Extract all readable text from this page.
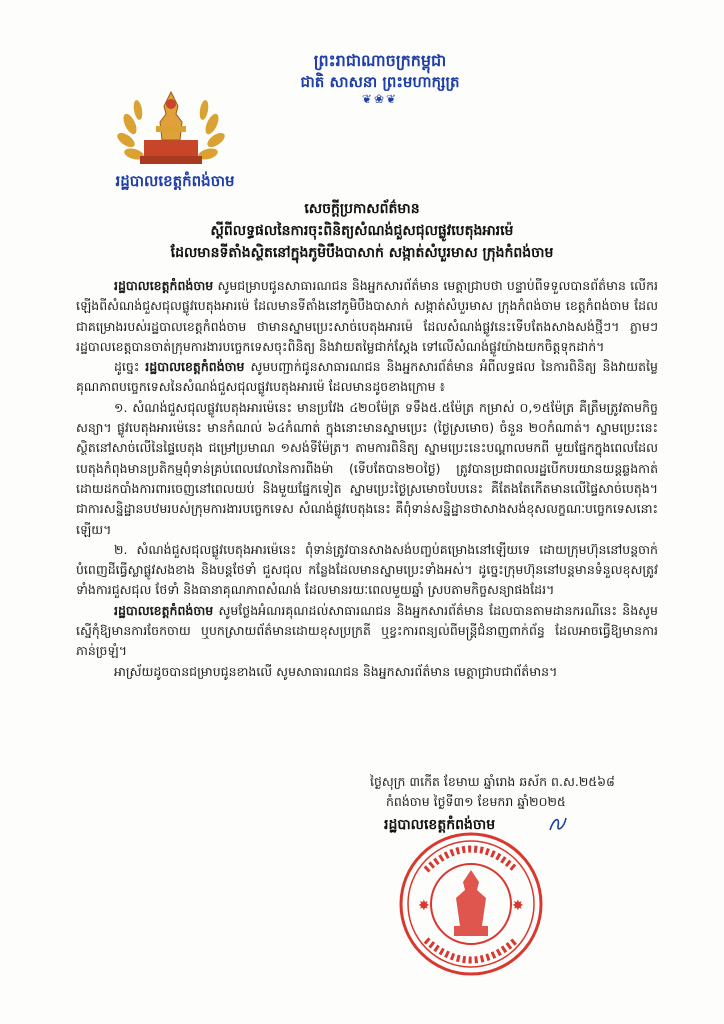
ព្រះរាជាណាចក្រកម្ពុជា
ជាតិ សាសនា ព្រះមហាក្សត្រ
❦❀❦
រដ្ឋបាលខេត្តកំពង់ចាម
សេចក្តីប្រកាសព័ត៌មាន
ស្តីពីលទ្ធផលនៃការចុះពិនិត្យសំណង់ជួសជុលផ្លូវបេតុងអារម៉េ
ដែលមានទីតាំងស្ថិតនៅក្នុងភូមិបឹងបាសាក់ សង្កាត់សំបួរមាស ក្រុងកំពង់ចាម

រដ្ឋបាលខេត្តកំពង់ចាម សូមជម្រាបជូនសាធារណជន និងអ្នកសារព័ត៌មាន មេត្តាជ្រាបថា បន្ទាប់ពីទទួលបានព័ត៌មាន លើករឡើងពីសំណង់ជួសជុលផ្លូវបេតុងអារម៉េ ដែលមានទីតាំងនៅភូមិបឹងបាសាក់ សង្កាត់សំបួរមាស ក្រុងកំពង់ចាម ខេត្តកំពង់ចាម ដែលជាគម្រោងរបស់រដ្ឋបាលខេត្តកំពង់ចាម ថាមានស្នាមប្រេះសាច់បេតុងអារម៉េ ដែលសំណង់ផ្លូវនេះទើបតែងសាងសង់ថ្មីៗ។ ភ្លាមៗ រដ្ឋបាលខេត្តបានចាត់ក្រុមការងារបច្ចេកទេសចុះពិនិត្យ និងវាយតម្លៃជាក់ស្តែង ទៅលើសំណង់ផ្លូវយ៉ាងយកចិត្តទុកដាក់។

ដូច្នេះ រដ្ឋបាលខេត្តកំពង់ចាម សូមបញ្ជាក់ជូនសាធារណជន និងអ្នកសារព័ត៌មាន អំពីលទ្ធផល នៃការពិនិត្យ និងវាយតម្លៃគុណភាពបច្ចេកទេសនៃសំណង់ជួសជុលផ្លូវបេតុងអារម៉េ ដែលមានដូចខាងក្រោម ៖

១. សំណង់ជួសជុលផ្លូវបេតុងអារម៉េនេះ មានប្រវែង ៤២០ម៉ែត្រ ទទឹង៥.៥ម៉ែត្រ កម្រាស់ ០,១៥ម៉ែត្រ គឺត្រឹមត្រូវតាមកិច្ចសន្យា។ ផ្លូវបេតុងអារម៉េនេះ មានកំណល់ ៦៤កំណាត់ ក្នុងនោះមានស្នាមប្រេះ (ថ្ងៃស្រមោច) ចំនួន ២០កំណាត់។ ស្នាមប្រេះនេះស្ថិតនៅសាច់លើនៃផ្ទៃបេតុង ជម្រៅប្រមាណ ១សង់ទីម៉ែត្រ។ តាមការពិនិត្យ ស្នាមប្រេះនេះបណ្តាលមកពី មួយផ្នែកក្នុងពេលដែលបេតុងកំពុងមានប្រតិកម្មពុំទាន់គ្រប់ពេលវេលានៃការពីងម៉ា (ទើបតែបាន២០ថ្ងៃ) ត្រូវបានប្រជាពលរដ្ឋបើកបរយានយន្តឆ្លងកាត់ដោយដកបាំងការពារចេញនៅពេលយប់ និងមួយផ្នែកទៀត ស្នាមប្រេះថ្ងៃស្រមោចបែបនេះ គឺតែងតែកើតមានលើផ្ទៃសាច់បេតុង។ ជាការសន្និដ្ឋានបឋមរបស់ក្រុមការងារបច្ចេកទេស សំណង់ផ្លូវបេតុងនេះ គឺពុំទាន់សន្និដ្ឋានថាសាងសង់ខុសលក្ខណៈបច្ចេកទេសនោះឡើយ។

២. សំណង់ជួសជុលផ្លូវបេតុងអារម៉េនេះ ពុំទាន់ត្រូវបានសាងសង់បញ្ចប់គម្រោងនៅឡើយទេ ដោយក្រុមហ៊ុននៅបន្តចាក់បំពេញដីធ្វើស្លាផ្លូវសងខាង និងបន្តថែទាំ ជួសជុល កន្លែងដែលមានស្នាមប្រេះទាំងអស់។ ដូច្នេះក្រុមហ៊ុននៅបន្តមានទំនួលខុសត្រូវទាំងការជួសជុល ថែទាំ និងធានាគុណភាពសំណង់ ដែលមានរយៈពេលមួយឆ្នាំ ស្របតាមកិច្ចសន្យាផងដែរ។

រដ្ឋបាលខេត្តកំពង់ចាម សូមថ្លែងអំណរគុណដល់សាធារណជន និងអ្នកសារព័ត៌មាន ដែលបានតាមដានករណីនេះ និងសូមស្នើកុំឱ្យមានការចែកចាយ ឬបកស្រាយព័ត៌មានដោយខុសប្រក្រតី ឬខ្វះការពន្យល់ពីមន្ត្រីជំនាញពាក់ព័ន្ធ ដែលអាចធ្វើឱ្យមានការភាន់ច្រឡំ។

អាស្រ័យដូចបានជម្រាបជូនខាងលើ សូមសាធារណជន និងអ្នកសារព័ត៌មាន មេត្តាជ្រាបជាព័ត៌មាន។

ថ្ងៃសុក្រ ៣កើត ខែមាឃ ឆ្នាំរោង ឆស័ក ព.ស.២៥៦៨
កំពង់ចាម ថ្ងៃទី៣១ ខែមករា ឆ្នាំ២០២៥
រដ្ឋបាលខេត្តកំពង់ចាម
✸	✸
